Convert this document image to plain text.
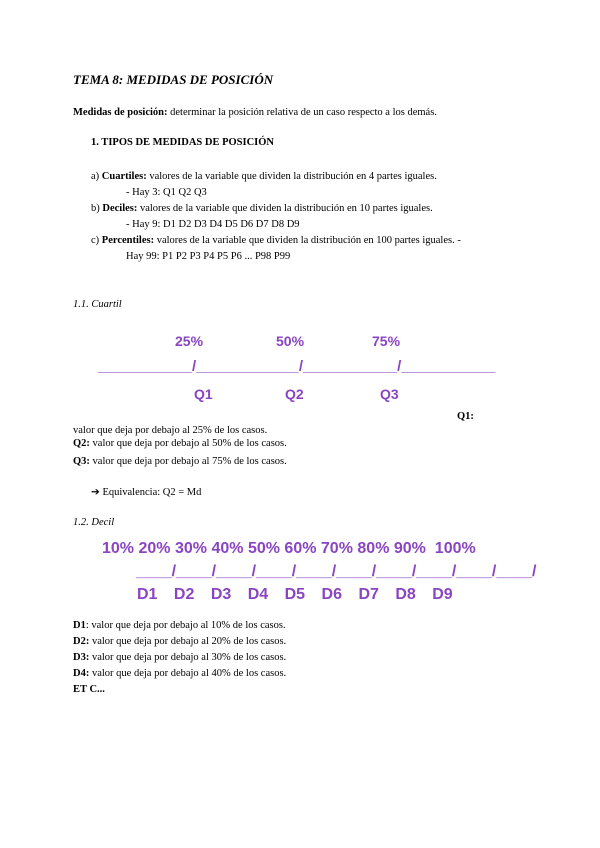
TEMA 8: MEDIDAS DE POSICIÓN
Medidas de posición: determinar la posición relativa de un caso respecto a los demás.
1. TIPOS DE MEDIDAS DE POSICIÓN
a) Cuartiles: valores de la variable que dividen la distribución en 4 partes iguales.
- Hay 3: Q1 Q2 Q3
b) Deciles: valores de la variable que dividen la distribución en 10 partes iguales.
- Hay 9: D1 D2 D3 D4 D5 D6 D7 D8 D9
c) Percentiles: valores de la variable que dividen la distribución en 100 partes iguales. -
Hay 99: P1 P2 P3 P4 P5 P6 ... P98 P99
1.1. Cuartil
25%	50%	75%
___________/____________/___________/___________
Q1	Q2	Q3
Q1:
valor que deja por debajo al 25% de los casos.
Q2: valor que deja por debajo al 50% de los casos.
Q3: valor que deja por debajo al 75% de los casos.
➔ Equivalencia: Q2 = Md
1.2. Decil
10% 20% 30% 40% 50% 60% 70% 80% 90% 100%
____/____/____/____/____/____/____/____/____/____/
D1 D2 D3 D4 D5 D6 D7 D8 D9
D1: valor que deja por debajo al 10% de los casos.
D2: valor que deja por debajo al 20% de los casos.
D3: valor que deja por debajo al 30% de los casos.
D4: valor que deja por debajo al 40% de los casos.
ET C...
